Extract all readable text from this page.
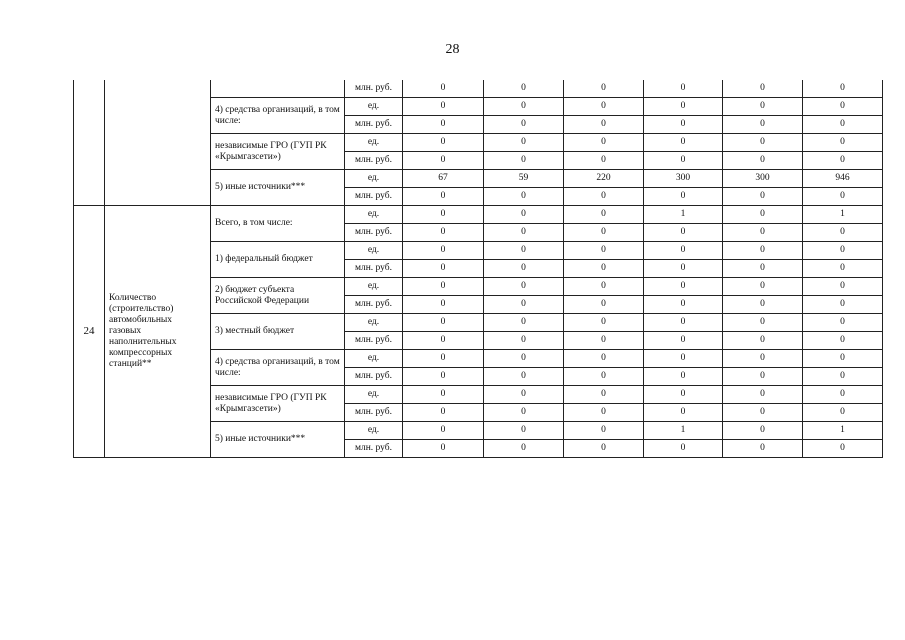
28
			млн. руб.	0	0	0	0	0	0
		4) средства организаций, в том числе:	ед.	0	0	0	0	0	0
			млн. руб.	0	0	0	0	0	0
		независимые ГРО (ГУП РК «Крымгазсети»)	ед.	0	0	0	0	0	0
			млн. руб.	0	0	0	0	0	0
		5) иные источники***	ед.	67	59	220	300	300	946
			млн. руб.	0	0	0	0	0	0
24	Количество (строительство) автомобильных газовых наполнительных компрессорных станций**	Всего, в том числе:	ед.	0	0	0	1	0	1
			млн. руб.	0	0	0	0	0	0
		1) федеральный бюджет	ед.	0	0	0	0	0	0
			млн. руб.	0	0	0	0	0	0
		2) бюджет субъекта Российской Федерации	ед.	0	0	0	0	0	0
			млн. руб.	0	0	0	0	0	0
		3) местный бюджет	ед.	0	0	0	0	0	0
			млн. руб.	0	0	0	0	0	0
		4) средства организаций, в том числе:	ед.	0	0	0	0	0	0
			млн. руб.	0	0	0	0	0	0
		независимые ГРО (ГУП РК «Крымгазсети»)	ед.	0	0	0	0	0	0
			млн. руб.	0	0	0	0	0	0
		5) иные источники***	ед.	0	0	0	1	0	1
			млн. руб.	0	0	0	0	0	0
